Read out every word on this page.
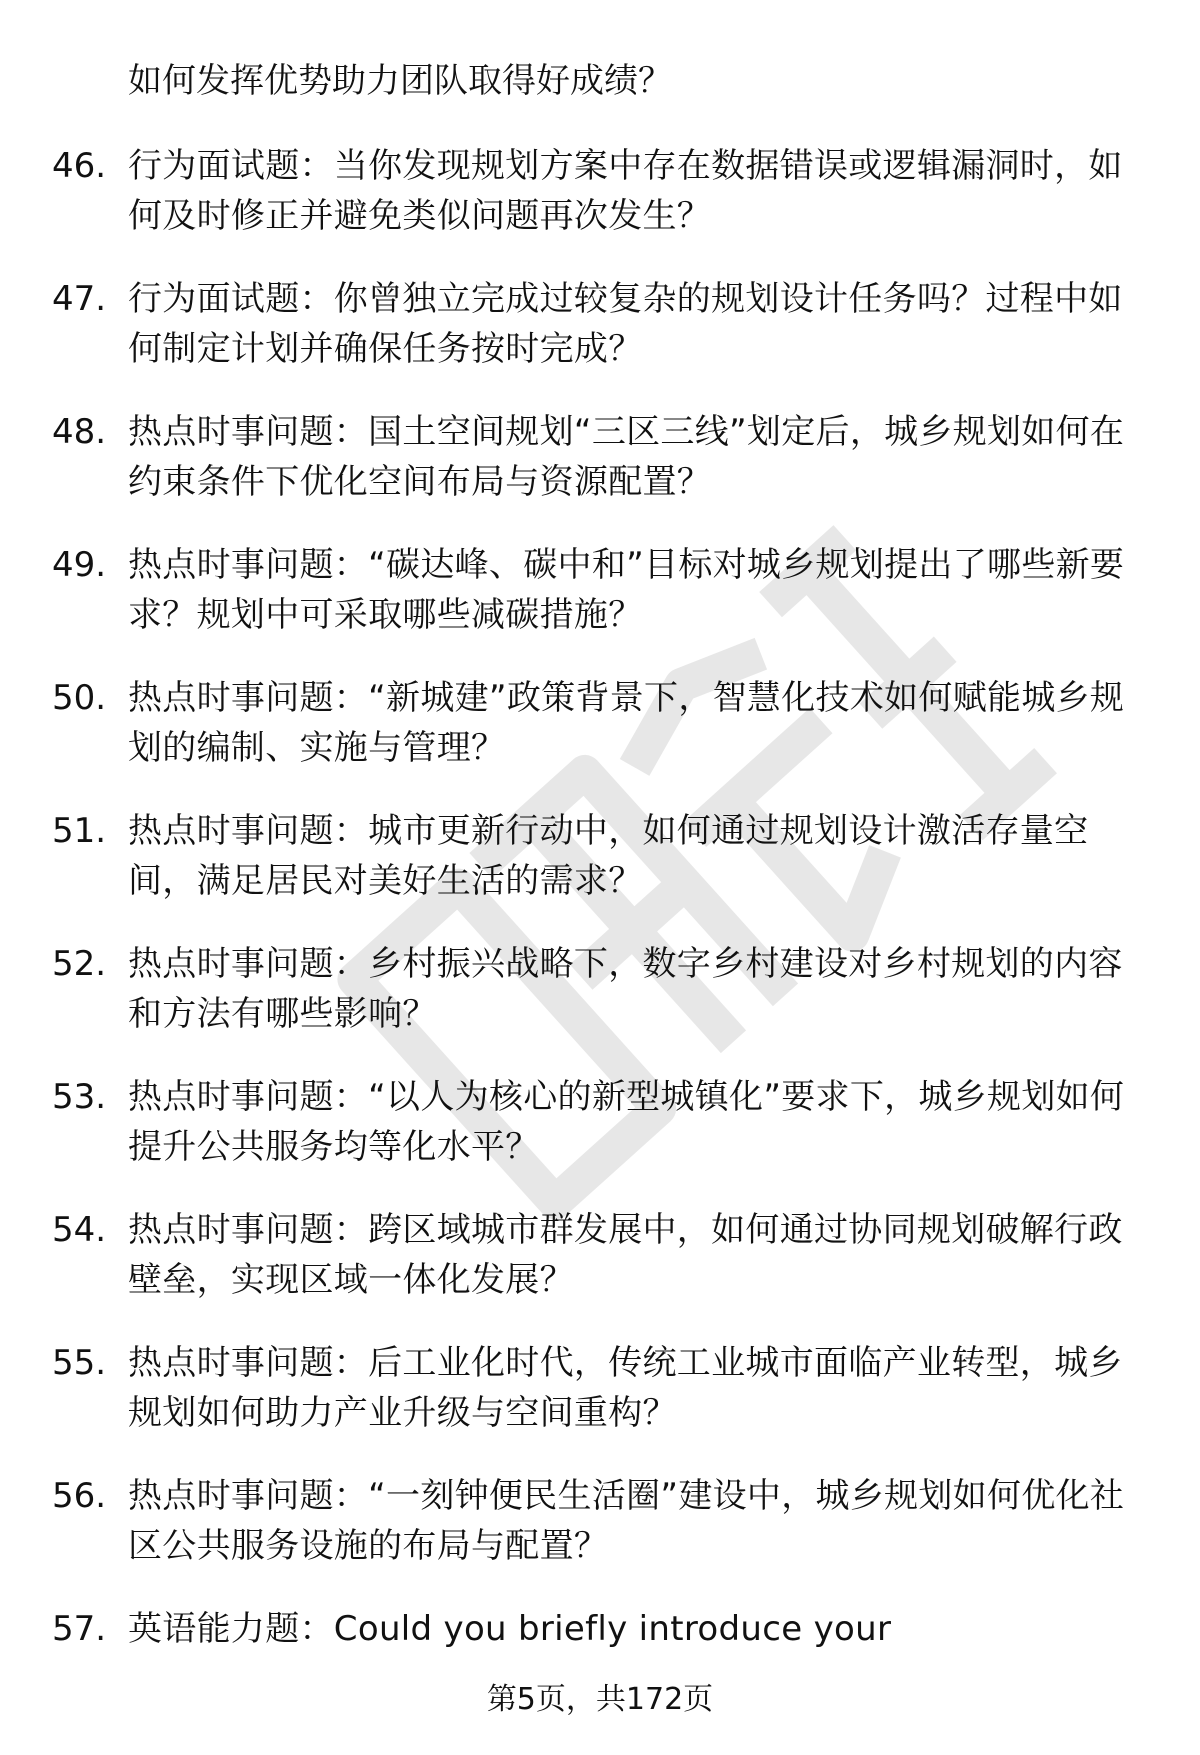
如何发挥优势助力团队取得好成绩？
46. 行为面试题：当你发现规划方案中存在数据错误或逻辑漏洞时，如何及时修正并避免类似问题再次发生？
47. 行为面试题：你曾独立完成过较复杂的规划设计任务吗？过程中如何制定计划并确保任务按时完成？
48. 热点时事问题：国土空间规划“三区三线”划定后，城乡规划如何在约束条件下优化空间布局与资源配置？
49. 热点时事问题：“碳达峰、碳中和”目标对城乡规划提出了哪些新要求？规划中可采取哪些减碳措施？
50. 热点时事问题：“新城建”政策背景下，智慧化技术如何赋能城乡规划的编制、实施与管理？
51. 热点时事问题：城市更新行动中，如何通过规划设计激活存量空间，满足居民对美好生活的需求？
52. 热点时事问题：乡村振兴战略下，数字乡村建设对乡村规划的内容和方法有哪些影响？
53. 热点时事问题：“以人为核心的新型城镇化”要求下，城乡规划如何提升公共服务均等化水平？
54. 热点时事问题：跨区域城市群发展中，如何通过协同规划破解行政壁垒，实现区域一体化发展？
55. 热点时事问题：后工业化时代，传统工业城市面临产业转型，城乡规划如何助力产业升级与空间重构？
56. 热点时事问题：“一刻钟便民生活圈”建设中，城乡规划如何优化社区公共服务设施的布局与配置？
57. 英语能力题：Could you briefly introduce your
第5页，共172页
